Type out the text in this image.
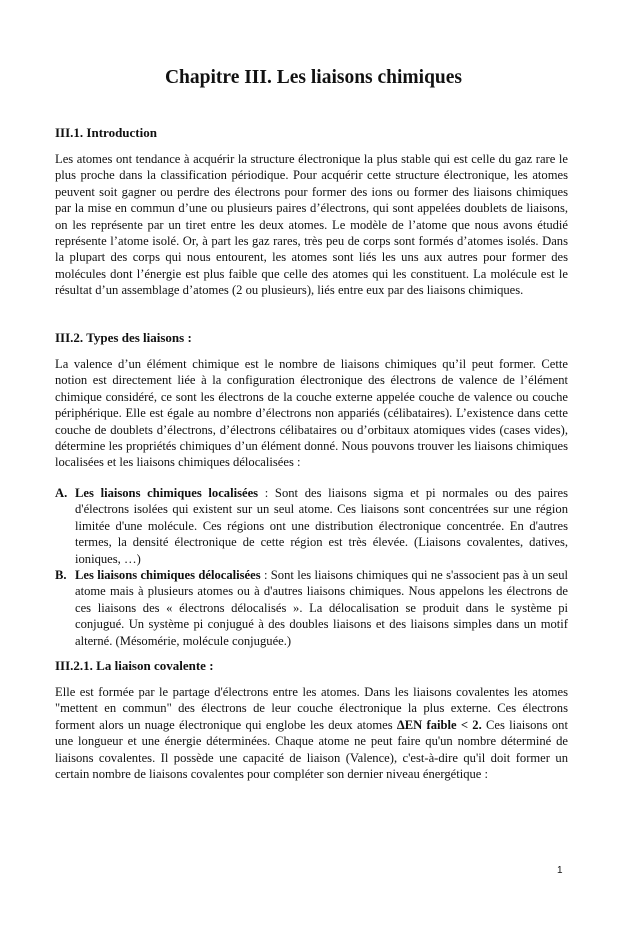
Chapitre III. Les liaisons chimiques
III.1. Introduction

Les atomes ont tendance à acquérir la structure électronique la plus stable qui est celle du gaz rare le plus proche dans la classification périodique. Pour acquérir cette structure électronique, les atomes peuvent soit gagner ou perdre des électrons pour former des ions ou former des liaisons chimiques par la mise en commun d’une ou plusieurs paires d’électrons, qui sont appelées doublets de liaisons, on les représente par un tiret entre les deux atomes. Le modèle de l’atome que nous avons étudié représente l’atome isolé. Or, à part les gaz rares, très peu de corps sont formés d’atomes isolés. Dans la plupart des corps qui nous entourent, les atomes sont liés les uns aux autres pour former des molécules dont l’énergie est plus faible que celle des atomes qui les constituent. La molécule est le résultat d’un assemblage d’atomes (2 ou plusieurs), liés entre eux par des liaisons chimiques.

III.2. Types des liaisons :

La valence d’un élément chimique est le nombre de liaisons chimiques qu’il peut former. Cette notion est directement liée à la configuration électronique des électrons de valence de l’élément chimique considéré, ce sont les électrons de la couche externe appelée couche de valence ou couche périphérique. Elle est égale au nombre d’électrons non appariés (célibataires). L’existence dans cette couche de doublets d’électrons, d’électrons célibataires ou d’orbitaux atomiques vides (cases vides), détermine les propriétés chimiques d’un élément donné. Nous pouvons trouver les liaisons chimiques localisées et les liaisons chimiques délocalisées :

A. Les liaisons chimiques localisées : Sont des liaisons sigma et pi normales ou des paires d'électrons isolées qui existent sur un seul atome. Ces liaisons sont concentrées sur une région limitée d'une molécule. Ces régions ont une distribution électronique concentrée. En d'autres termes, la densité électronique de cette région est très élevée. (Liaisons covalentes, datives, ioniques, …)
B. Les liaisons chimiques délocalisées : Sont les liaisons chimiques qui ne s'associent pas à un seul atome mais à plusieurs atomes ou à d'autres liaisons chimiques. Nous appelons les électrons de ces liaisons des « électrons délocalisés ». La délocalisation se produit dans le système pi conjugué. Un système pi conjugué à des doubles liaisons et des liaisons simples dans un motif alterné. (Mésomérie, molécule conjuguée.)
III.2.1. La liaison covalente :

Elle est formée par le partage d'électrons entre les atomes. Dans les liaisons covalentes les atomes "mettent en commun" des électrons de leur couche électronique la plus externe. Ces électrons forment alors un nuage électronique qui englobe les deux atomes ΔEN faible < 2. Ces liaisons ont une longueur et une énergie déterminées. Chaque atome ne peut faire qu'un nombre déterminé de liaisons covalentes. Il possède une capacité de liaison (Valence), c'est-à-dire qu'il doit former un certain nombre de liaisons covalentes pour compléter son dernier niveau énergétique :

1
